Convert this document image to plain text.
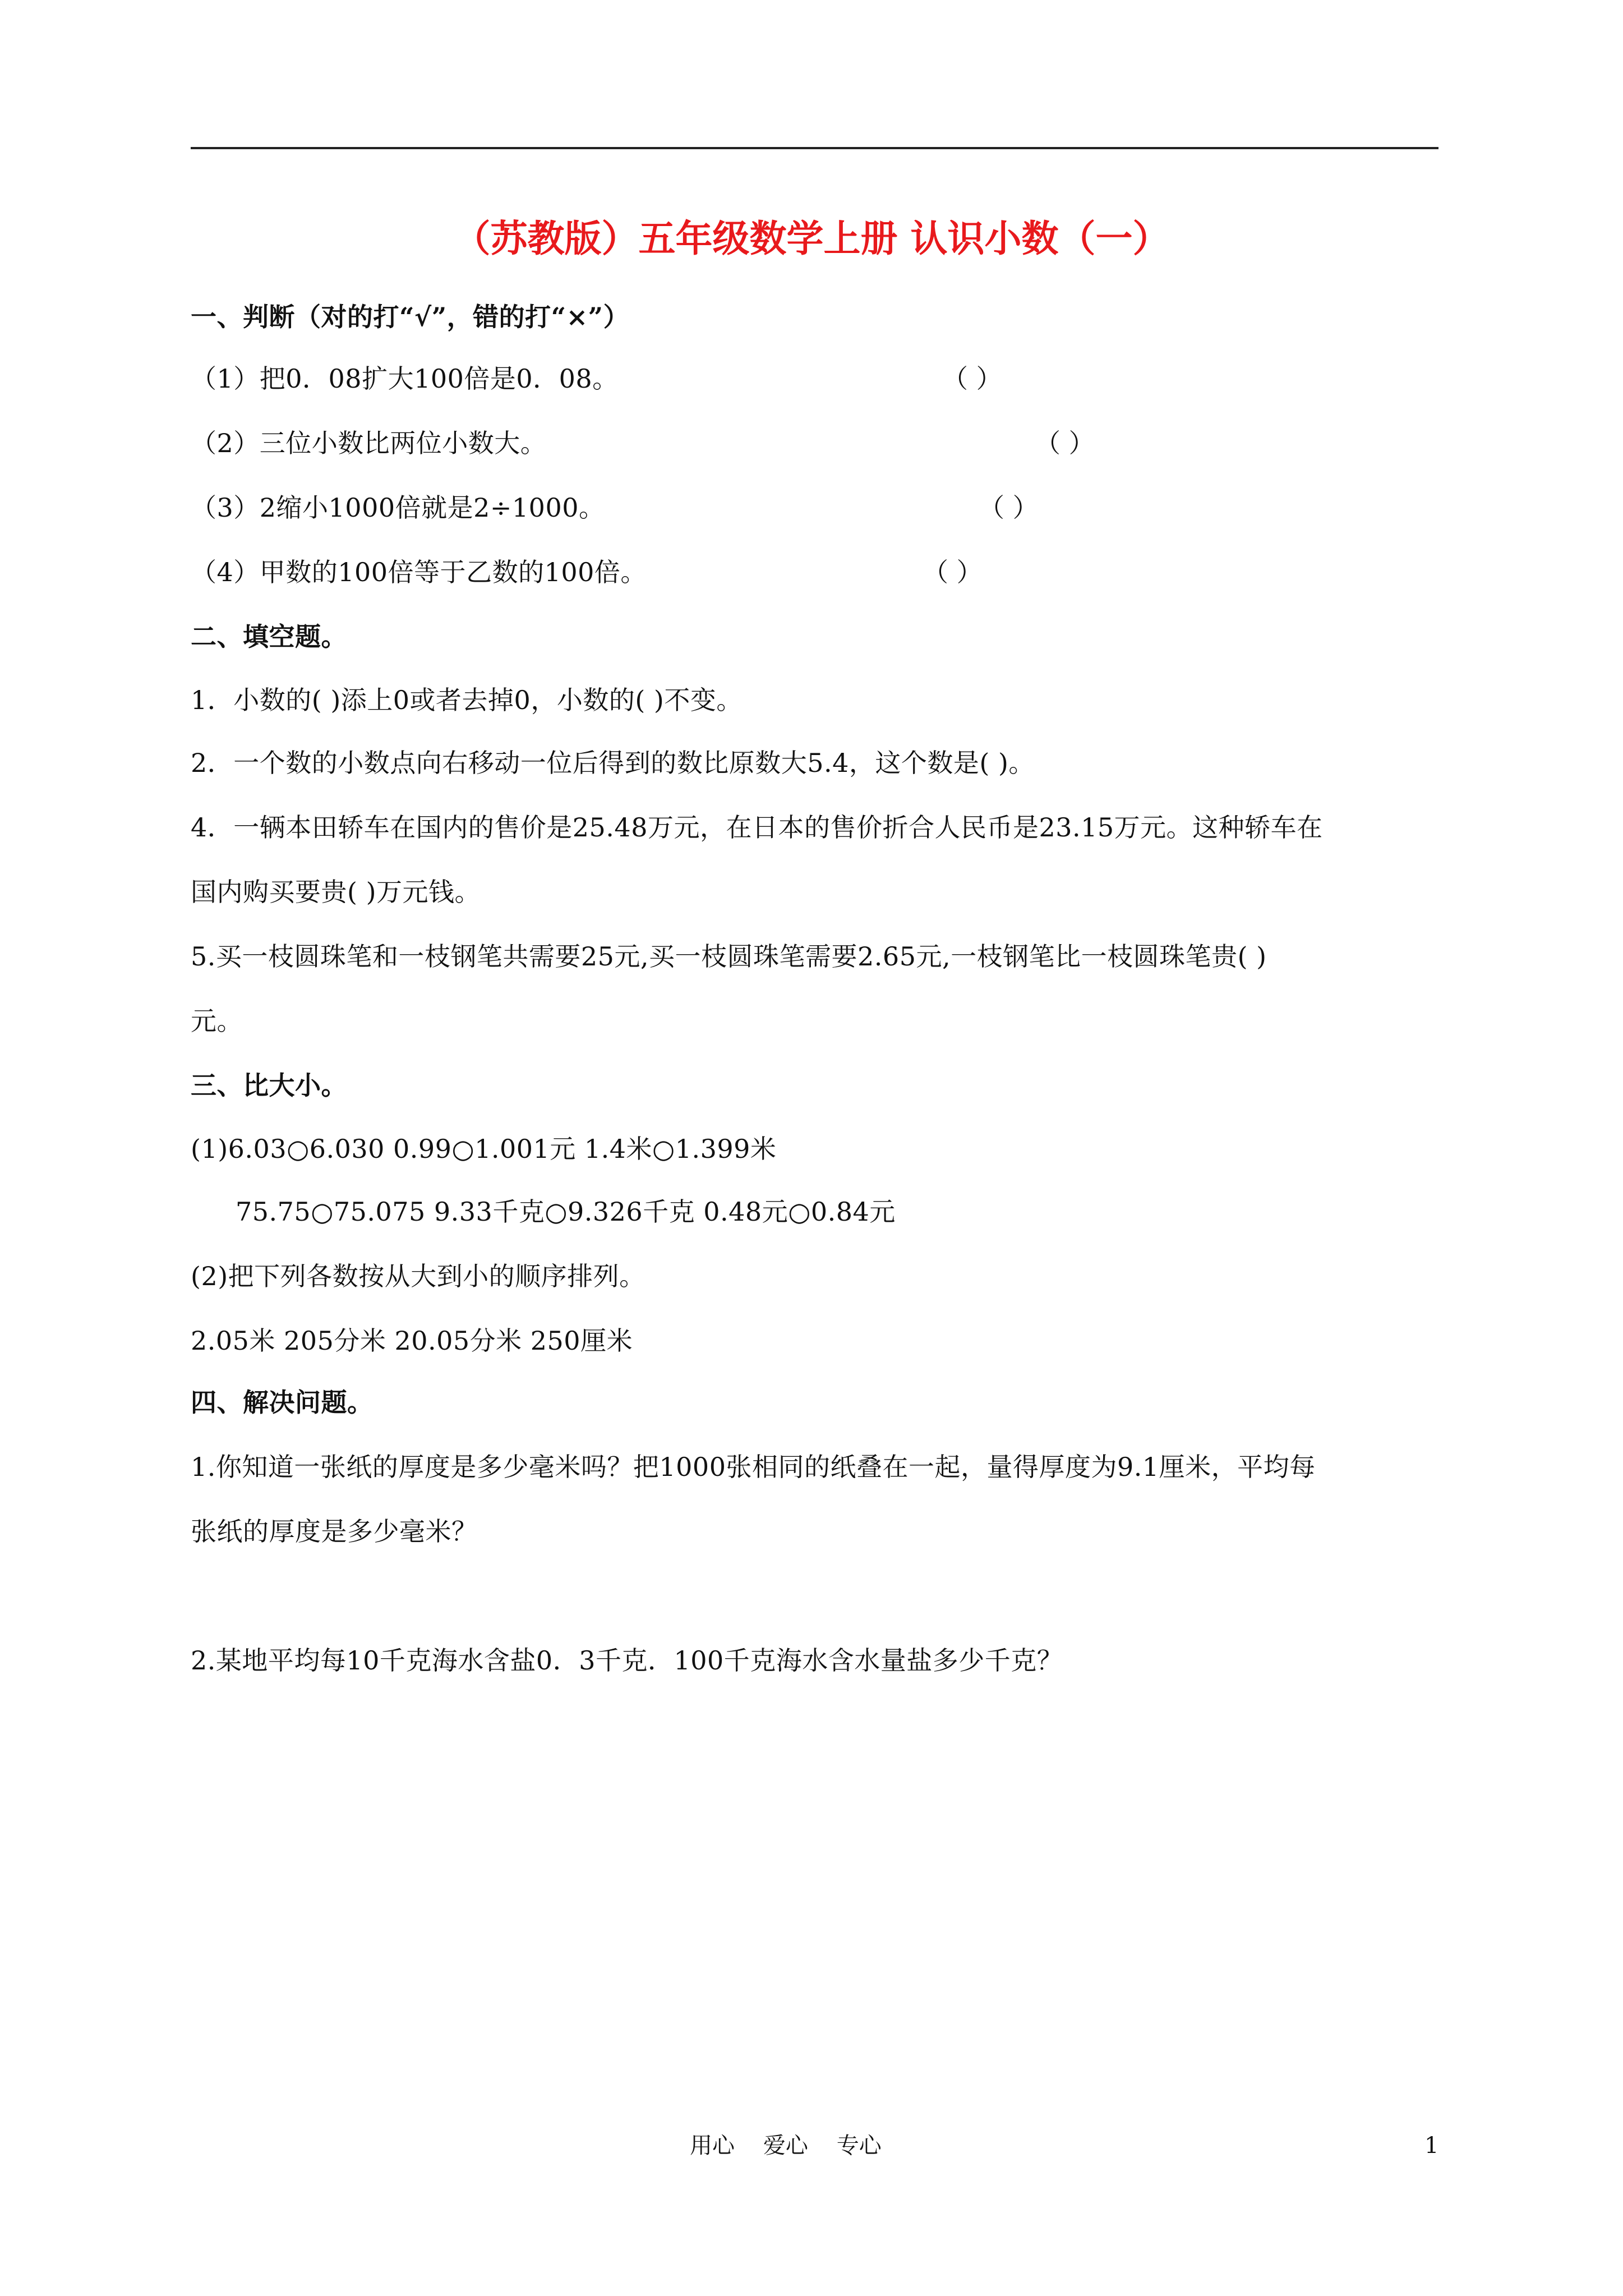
（苏教版）五年级数学上册 认识小数（一）
一、判断（对的打“√”，错的打“×”）
（1）把0．08扩大100倍是0．08。	（ ）
（2）三位小数比两位小数大。	（ ）
（3）2缩小1000倍就是2÷1000。	（ ）
（4）甲数的100倍等于乙数的100倍。	（ ）
二、填空题。
1．小数的( )添上0或者去掉0，小数的( )不变。
2．一个数的小数点向右移动一位后得到的数比原数大5.4，这个数是( )。
4．一辆本田轿车在国内的售价是25.48万元，在日本的售价折合人民币是23.15万元。这种轿车在
国内购买要贵( )万元钱。
5.买一枝圆珠笔和一枝钢笔共需要25元,买一枝圆珠笔需要2.65元,一枝钢笔比一枝圆珠笔贵( )
元。
三、比大小。
(1)6.03○6.030 0.99○1.001元 1.4米○1.399米
75.75○75.075 9.33千克○9.326千克 0.48元○0.84元
(2)把下列各数按从大到小的顺序排列。
2.05米 205分米 20.05分米 250厘米
四、解决问题。
1.你知道一张纸的厚度是多少毫米吗？把1000张相同的纸叠在一起，量得厚度为9.1厘米，平均每
张纸的厚度是多少毫米？
2.某地平均每10千克海水含盐0．3千克．100千克海水含水量盐多少千克？
用心    爱心    专心	1
